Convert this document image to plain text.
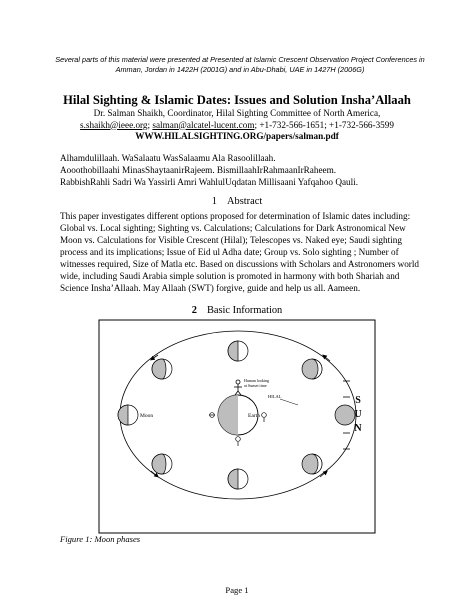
Several parts of this material were presented at Presented at Islamic Crescent Observation Project Conferences in
Amman, Jordan in 1422H (2001G) and in Abu-Dhabi, UAE in 1427H (2006G)
Hilal Sighting & Islamic Dates: Issues and Solution Insha’Allaah
Dr. Salman Shaikh, Coordinator, Hilal Sighting Committee of North America,
s.shaikh@ieee.org; salman@alcatel-lucent.com; +1-732-566-1651; +1-732-566-3599
WWW.HILALSIGHTING.ORG/papers/salman.pdf
Alhamdulillaah. WaSalaatu WasSalaamu Ala Rasoolillaah.
Aooothobillaahi MinasShaytaanirRajeem. BismillaahIrRahmaanIrRaheem.
RabbishRahli Sadri Wa Yassirli Amri WahlulUqdatan Millisaani Yafqahoo Qauli.
1 Abstract
This paper investigates different options proposed for determination of Islamic dates including:
Global vs. Local sighting; Sighting vs. Calculations; Calculations for Dark Astronomical New
Moon vs. Calculations for Visible Crescent (Hilal); Telescopes vs. Naked eye; Saudi sighting
process and its implications; Issue of Eid ul Adha date; Group vs. Solo sighting ; Number of
witnesses required, Size of Matla etc. Based on discussions with Scholars and Astronomers world
wide, including Saudi Arabia simple solution is promoted in harmony with both Shariah and
Science Insha’Allaah. May Allaah (SWT) forgive, guide and help us all. Aameen.
2 Basic Information
Earth
Human looking
at Sunset time
Moon
HILAL	S
U
N
Figure 1: Moon phases
Page 1
